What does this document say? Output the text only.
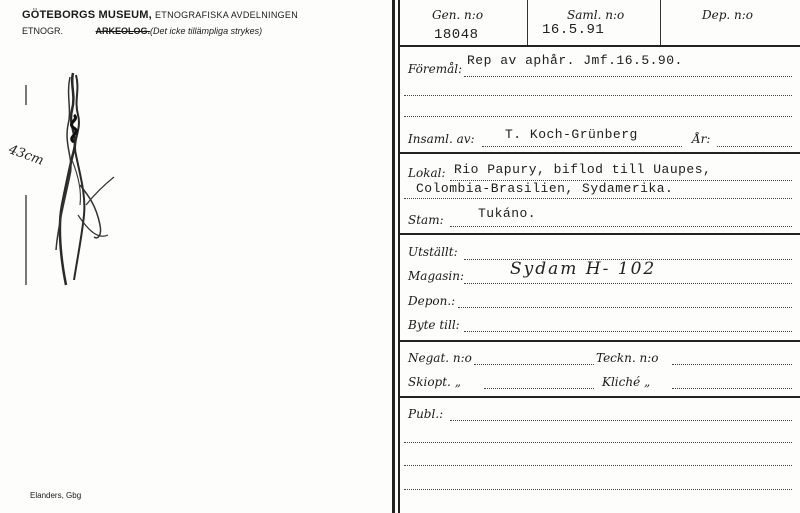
GÖTEBORGS MUSEUM, ETNOGRAFISKA AVDELNINGEN
ETNOGR.	ARKEOLOG.(Det icke tillämpliga strykes)
43cm
Elanders, Gbg
Gen. n:o
18048
Saml. n:o
16.5.91
Dep. n:o
Föremål:
Rep av aphår. Jmf.16.5.90.
Insaml. av: T. Koch-Grünberg	År:
Lokal: Rio Papury, biflod till Uaupes,
Colombia-Brasilien, Sydamerika.
Stam:	Tukáno.
Utställt:
Magasin:	Sydam H- 102
Depon.:
Byte till:
Negat. n:o	Teckn. n:o
Skiopt. „	Kliché „
Publ.:
